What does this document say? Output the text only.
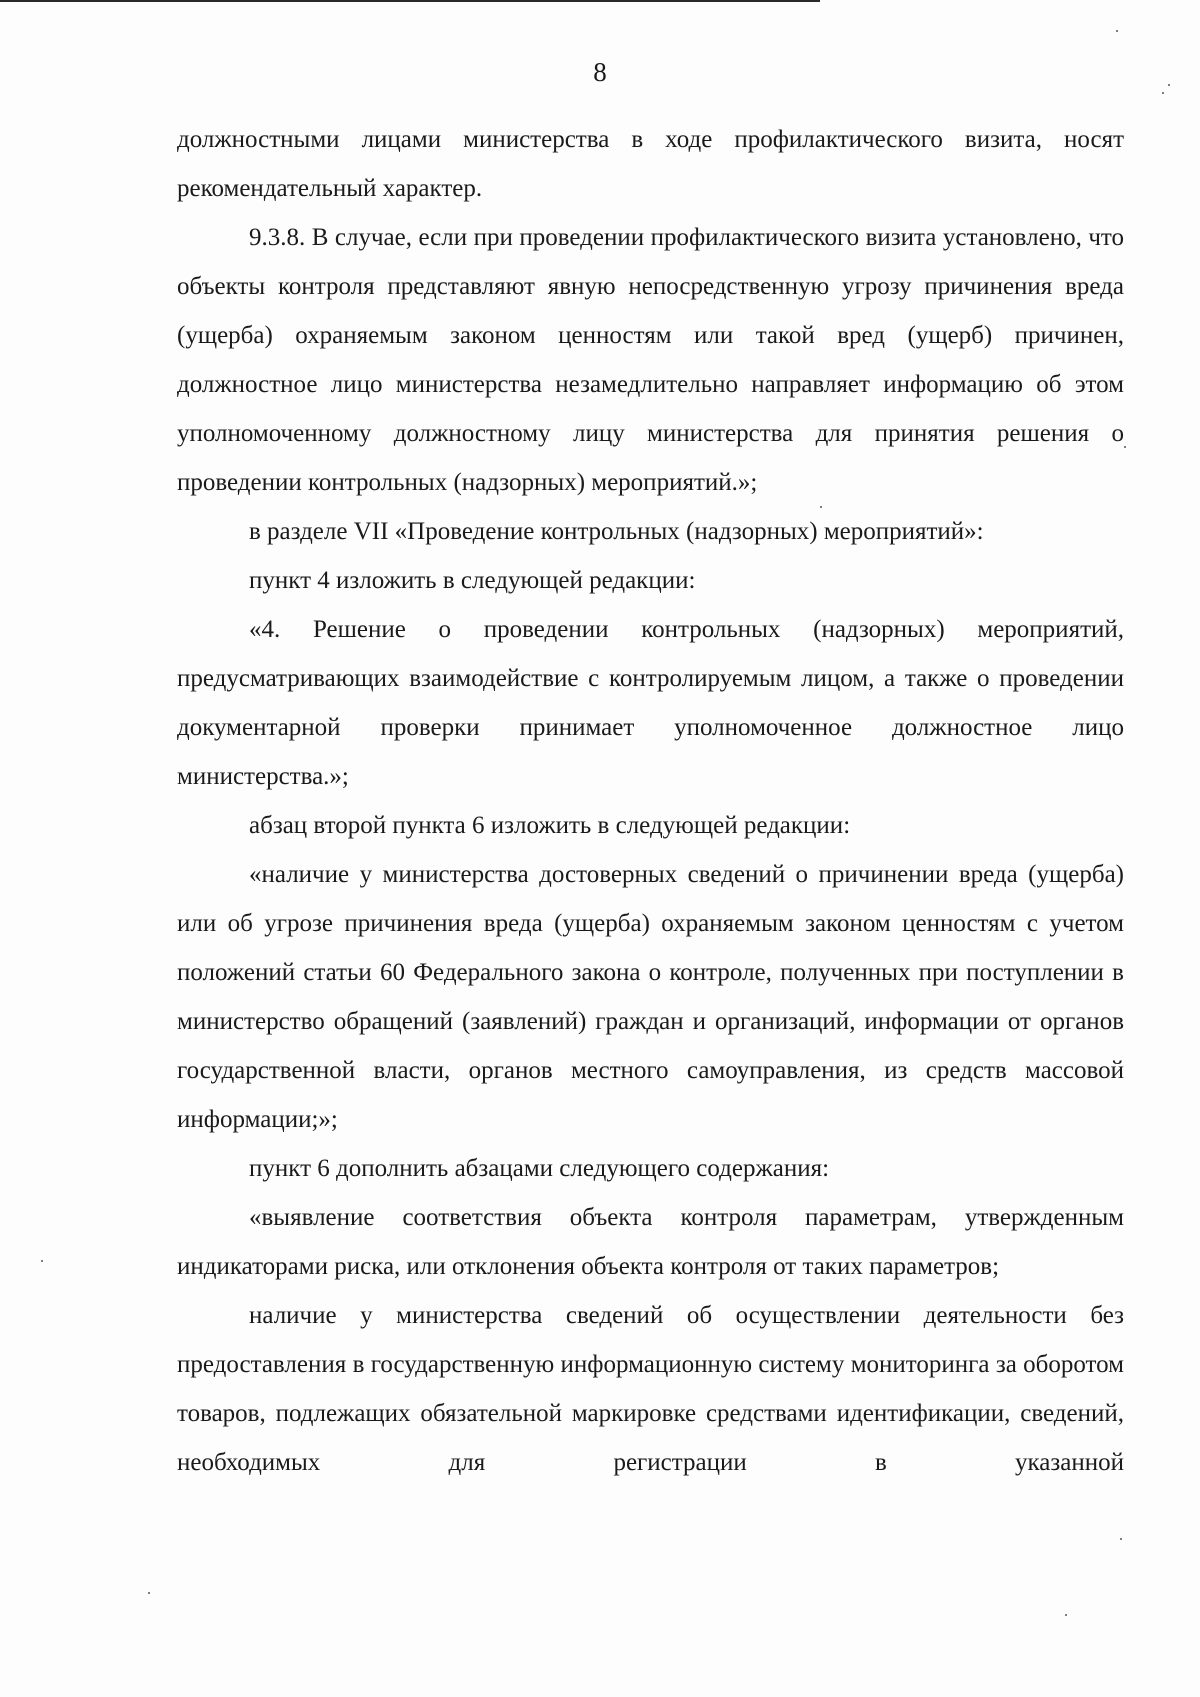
8

должностными лицами министерства в ходе профилактического визита, носят рекомендательный характер.

9.3.8. В случае, если при проведении профилактического визита установлено, что объекты контроля представляют явную непосредственную угрозу причинения вреда (ущерба) охраняемым законом ценностям или такой вред (ущерб) причинен, должностное лицо министерства незамедлительно направляет информацию об этом уполномоченному должностному лицу министерства для принятия решения о проведении контрольных (надзорных) мероприятий.»;

в разделе VII «Проведение контрольных (надзорных) мероприятий»:

пункт 4 изложить в следующей редакции:

«4. Решение о проведении контрольных (надзорных) мероприятий, предусматривающих взаимодействие с контролируемым лицом, а также о проведении документарной проверки принимает уполномоченное должностное лицо министерства.»;

абзац второй пункта 6 изложить в следующей редакции:

«наличие у министерства достоверных сведений о причинении вреда (ущерба) или об угрозе причинения вреда (ущерба) охраняемым законом ценностям с учетом положений статьи 60 Федерального закона о контроле, полученных при поступлении в министерство обращений (заявлений) граждан и организаций, информации от органов государственной власти, органов местного самоуправления, из средств массовой информации;»;

пункт 6 дополнить абзацами следующего содержания:

«выявление соответствия объекта контроля параметрам, утвержденным индикаторами риска, или отклонения объекта контроля от таких параметров;

наличие у министерства сведений об осуществлении деятельности без предоставления в государственную информационную систему мониторинга за оборотом товаров, подлежащих обязательной маркировке средствами идентификации, сведений, необходимых для регистрации в указанной
